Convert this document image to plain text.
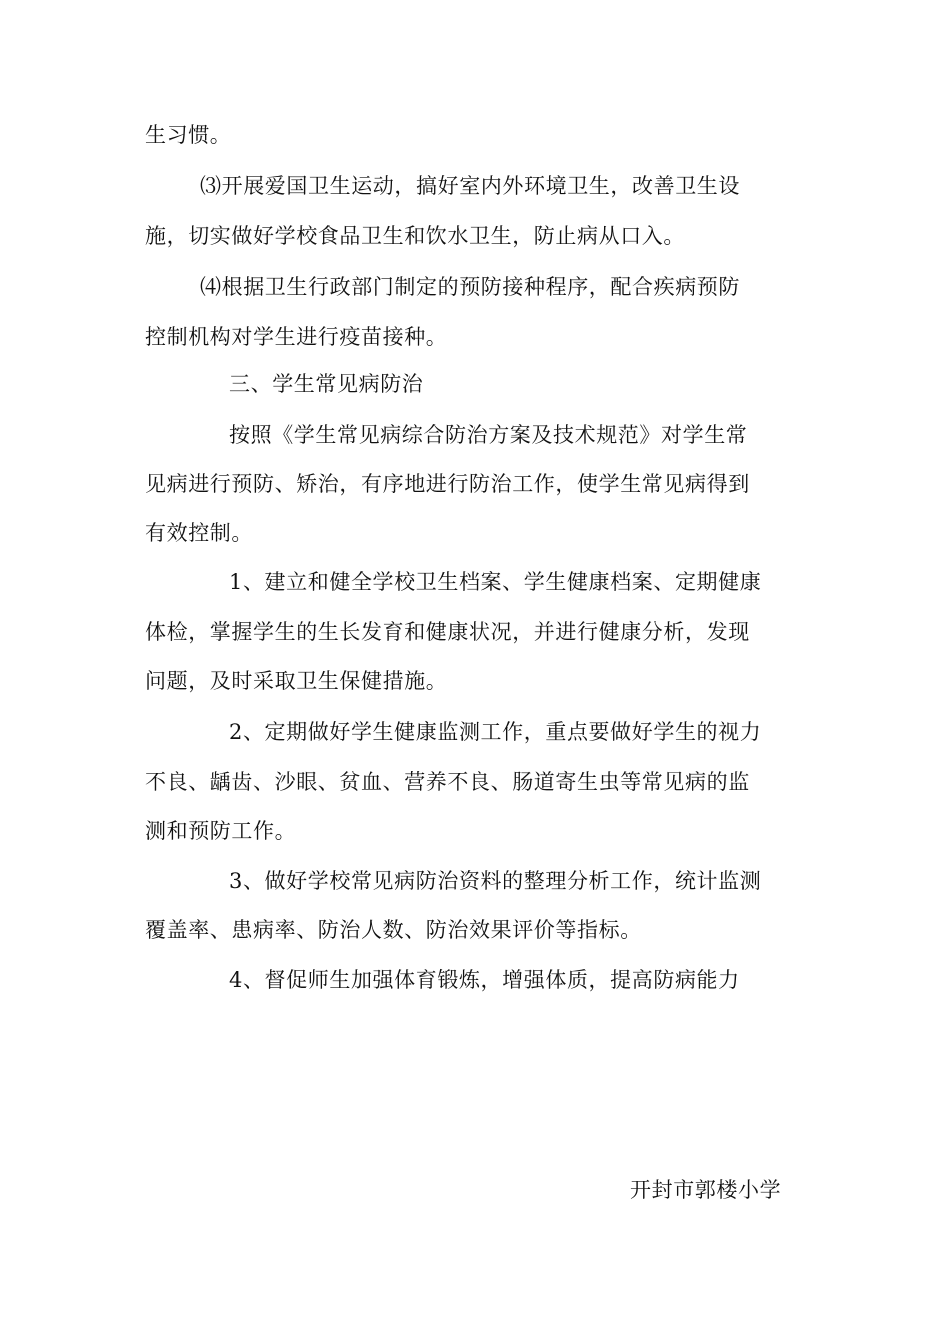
生习惯。
⑶开展爱国卫生运动，搞好室内外环境卫生，改善卫生设
施，切实做好学校食品卫生和饮水卫生，防止病从口入。
⑷根据卫生行政部门制定的预防接种程序，配合疾病预防
控制机构对学生进行疫苗接种。
三、学生常见病防治
按照《学生常见病综合防治方案及技术规范》对学生常
见病进行预防、矫治，有序地进行防治工作，使学生常见病得到
有效控制。
1、建立和健全学校卫生档案、学生健康档案、定期健康
体检，掌握学生的生长发育和健康状况，并进行健康分析，发现
问题，及时采取卫生保健措施。
2、定期做好学生健康监测工作，重点要做好学生的视力
不良、龋齿、沙眼、贫血、营养不良、肠道寄生虫等常见病的监
测和预防工作。
3、做好学校常见病防治资料的整理分析工作，统计监测
覆盖率、患病率、防治人数、防治效果评价等指标。
4、督促师生加强体育锻炼，增强体质，提高防病能力
开封市郭楼小学
